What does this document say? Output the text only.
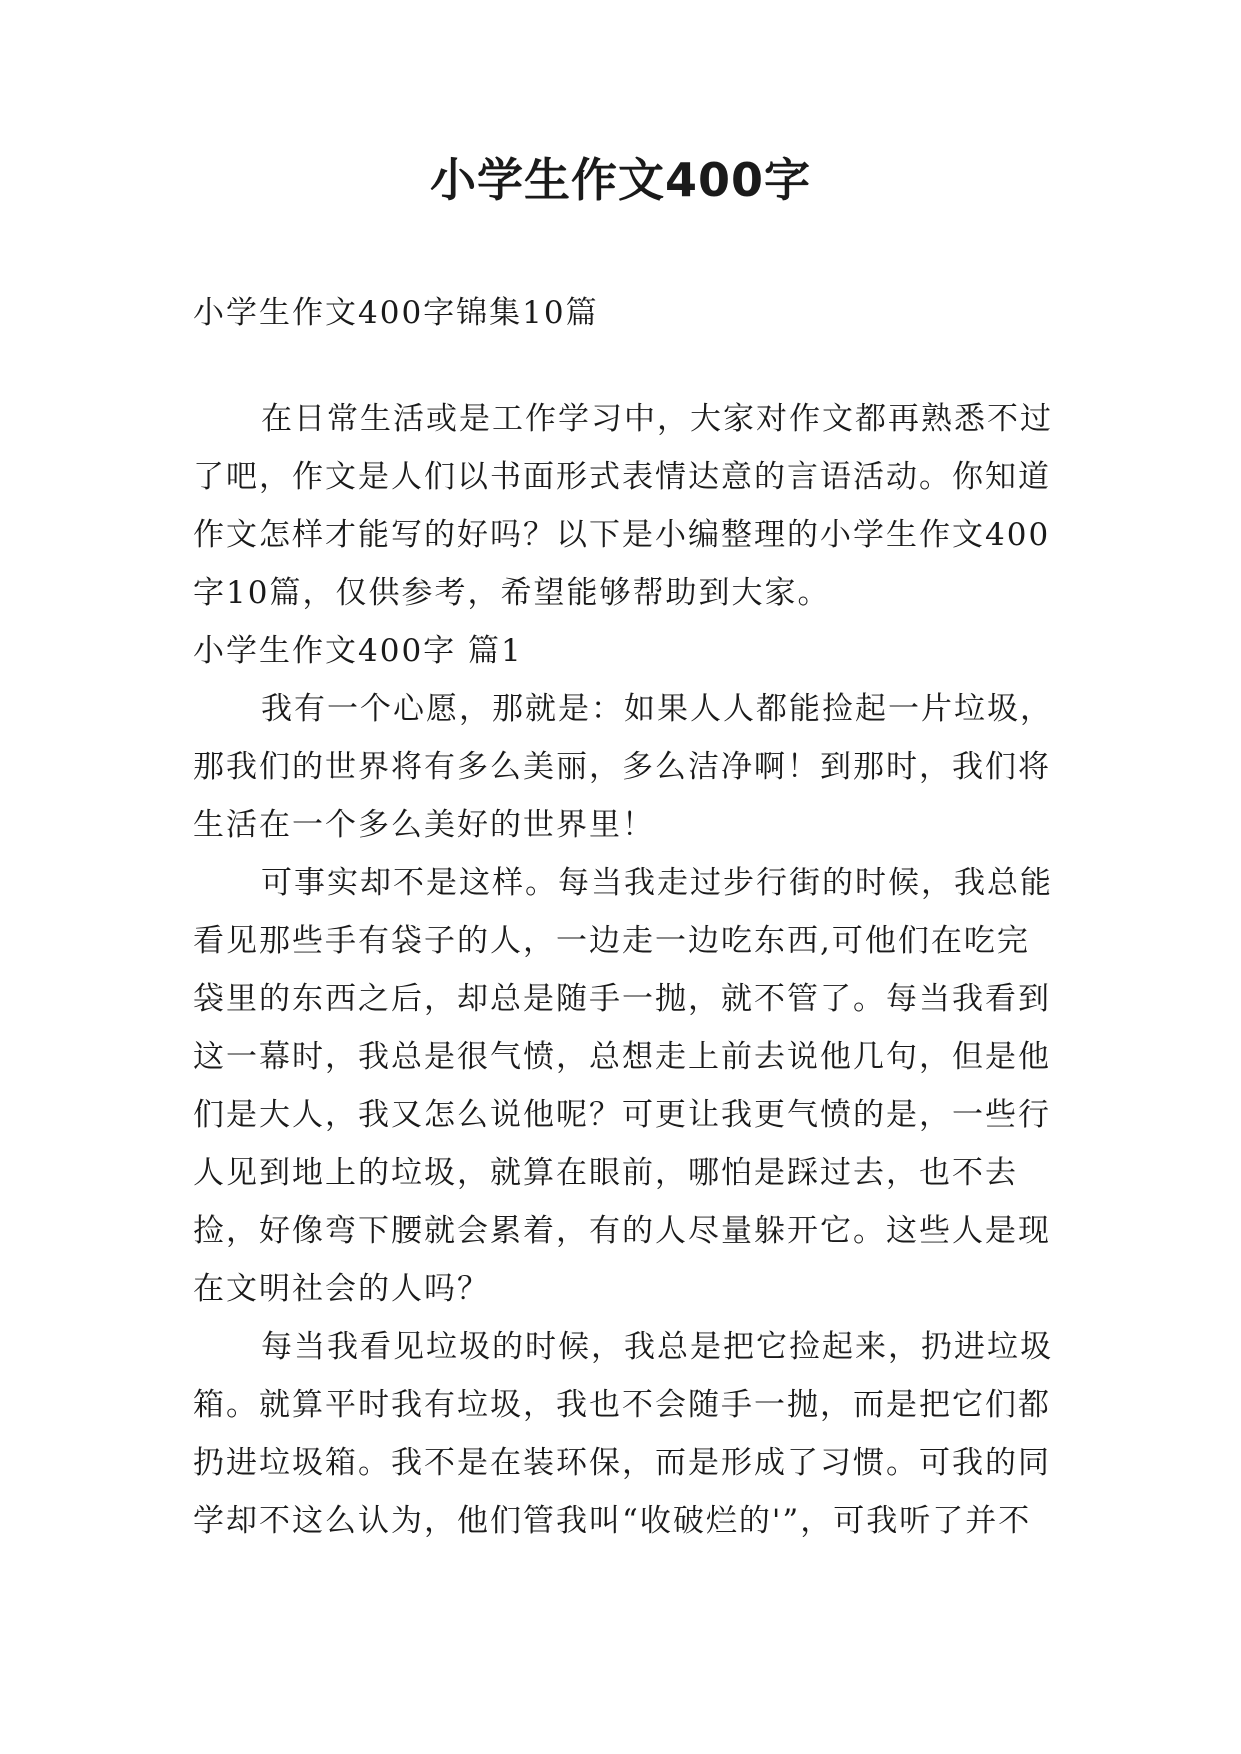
小学生作文400字

小学生作文400字锦集10篇

在日常生活或是工作学习中，大家对作文都再熟悉不过了吧，作文是人们以书面形式表情达意的言语活动。你知道作文怎样才能写的好吗？以下是小编整理的小学生作文400字10篇，仅供参考，希望能够帮助到大家。

小学生作文400字 篇1

我有一个心愿，那就是：如果人人都能捡起一片垃圾，那我们的世界将有多么美丽，多么洁净啊！到那时，我们将生活在一个多么美好的世界里！

可事实却不是这样。每当我走过步行街的时候，我总能看见那些手有袋子的人，一边走一边吃东西,可他们在吃完袋里的东西之后，却总是随手一抛，就不管了。每当我看到这一幕时，我总是很气愤，总想走上前去说他几句，但是他们是大人，我又怎么说他呢？可更让我更气愤的是，一些行人见到地上的垃圾，就算在眼前，哪怕是踩过去，也不去捡，好像弯下腰就会累着，有的人尽量躲开它。这些人是现在文明社会的人吗？

每当我看见垃圾的时候，我总是把它捡起来，扔进垃圾箱。就算平时我有垃圾，我也不会随手一抛，而是把它们都扔进垃圾箱。我不是在装环保，而是形成了习惯。可我的同学却不这么认为，他们管我叫“收破烂的'”，可我听了并不
